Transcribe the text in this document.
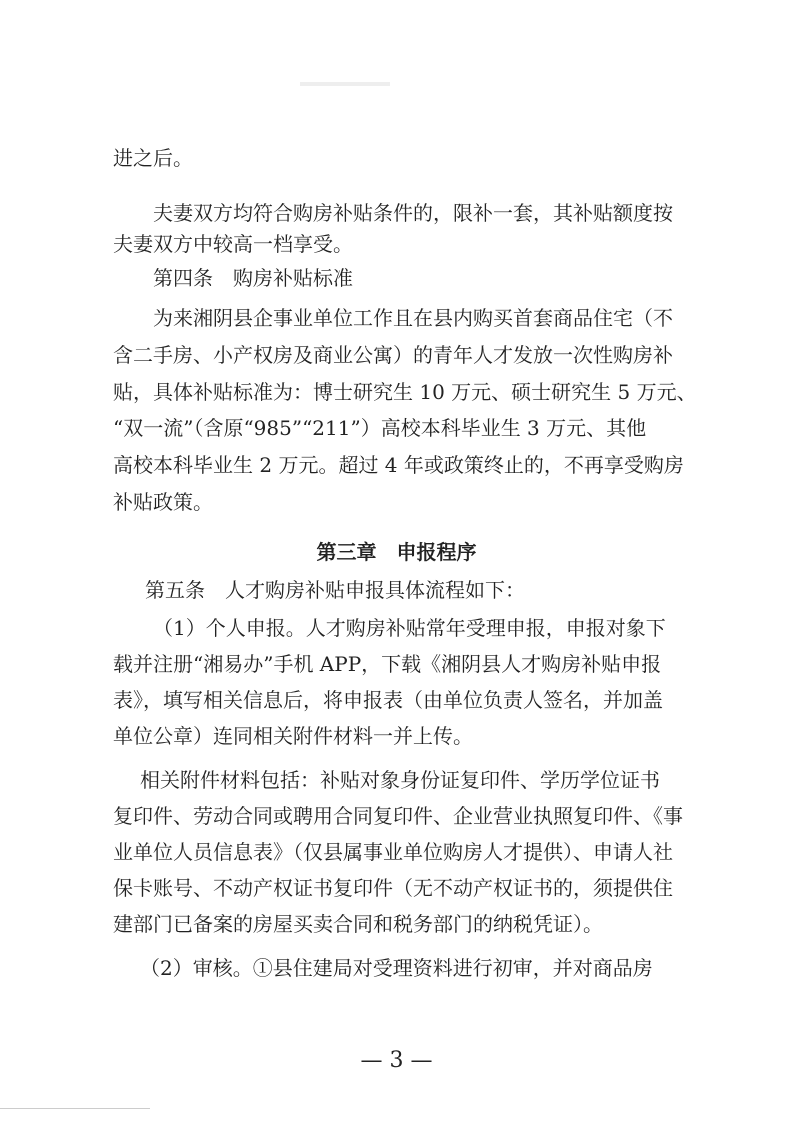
进之后。
夫妻双方均符合购房补贴条件的，限补一套，其补贴额度按
夫妻双方中较高一档享受。
第四条　购房补贴标准
为来湘阴县企事业单位工作且在县内购买首套商品住宅（不
含二手房、小产权房及商业公寓）的青年人才发放一次性购房补
贴，具体补贴标准为：博士研究生 10 万元、硕士研究生 5 万元、
“双一流”（含原“985”“211”）高校本科毕业生 3 万元、其他
高校本科毕业生 2 万元。超过 4 年或政策终止的，不再享受购房
补贴政策。
第三章　申报程序
第五条　人才购房补贴申报具体流程如下：
（1）个人申报。人才购房补贴常年受理申报，申报对象下
载并注册“湘易办”手机 APP，下载《湘阴县人才购房补贴申报
表》，填写相关信息后，将申报表（由单位负责人签名，并加盖
单位公章）连同相关附件材料一并上传。
相关附件材料包括：补贴对象身份证复印件、学历学位证书
复印件、劳动合同或聘用合同复印件、企业营业执照复印件、《事
业单位人员信息表》（仅县属事业单位购房人才提供）、申请人社
保卡账号、不动产权证书复印件（无不动产权证书的，须提供住
建部门已备案的房屋买卖合同和税务部门的纳税凭证）。
（2）审核。①县住建局对受理资料进行初审，并对商品房
— 3 —
